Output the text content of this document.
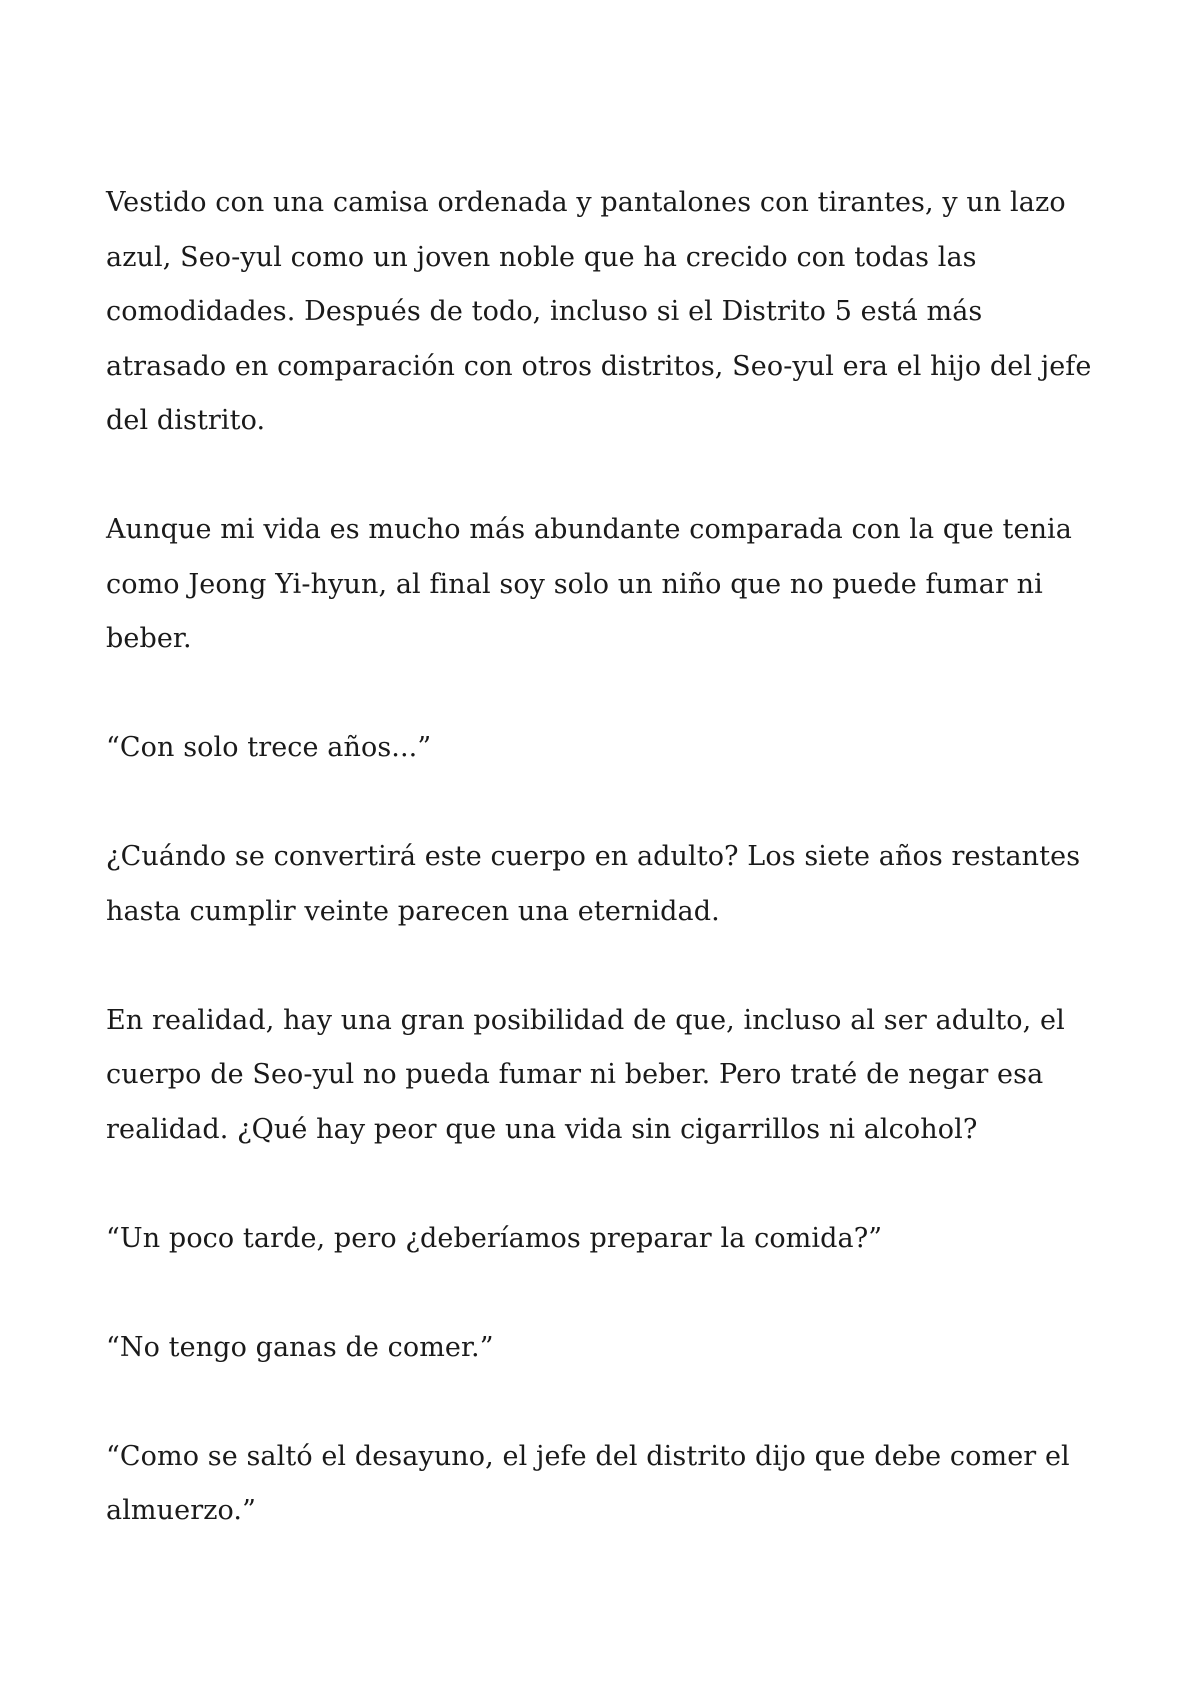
Vestido con una camisa ordenada y pantalones con tirantes, y un lazo azul, Seo-yul como un joven noble que ha crecido con todas las comodidades. Después de todo, incluso si el Distrito 5 está más atrasado en comparación con otros distritos, Seo-yul era el hijo del jefe del distrito.

Aunque mi vida es mucho más abundante comparada con la que tenia como Jeong Yi-hyun, al final soy solo un niño que no puede fumar ni beber.

“Con solo trece años...”

¿Cuándo se convertirá este cuerpo en adulto? Los siete años restantes hasta cumplir veinte parecen una eternidad.

En realidad, hay una gran posibilidad de que, incluso al ser adulto, el cuerpo de Seo-yul no pueda fumar ni beber. Pero traté de negar esa realidad. ¿Qué hay peor que una vida sin cigarrillos ni alcohol?

“Un poco tarde, pero ¿deberíamos preparar la comida?”

“No tengo ganas de comer.”

“Como se saltó el desayuno, el jefe del distrito dijo que debe comer el almuerzo.”
